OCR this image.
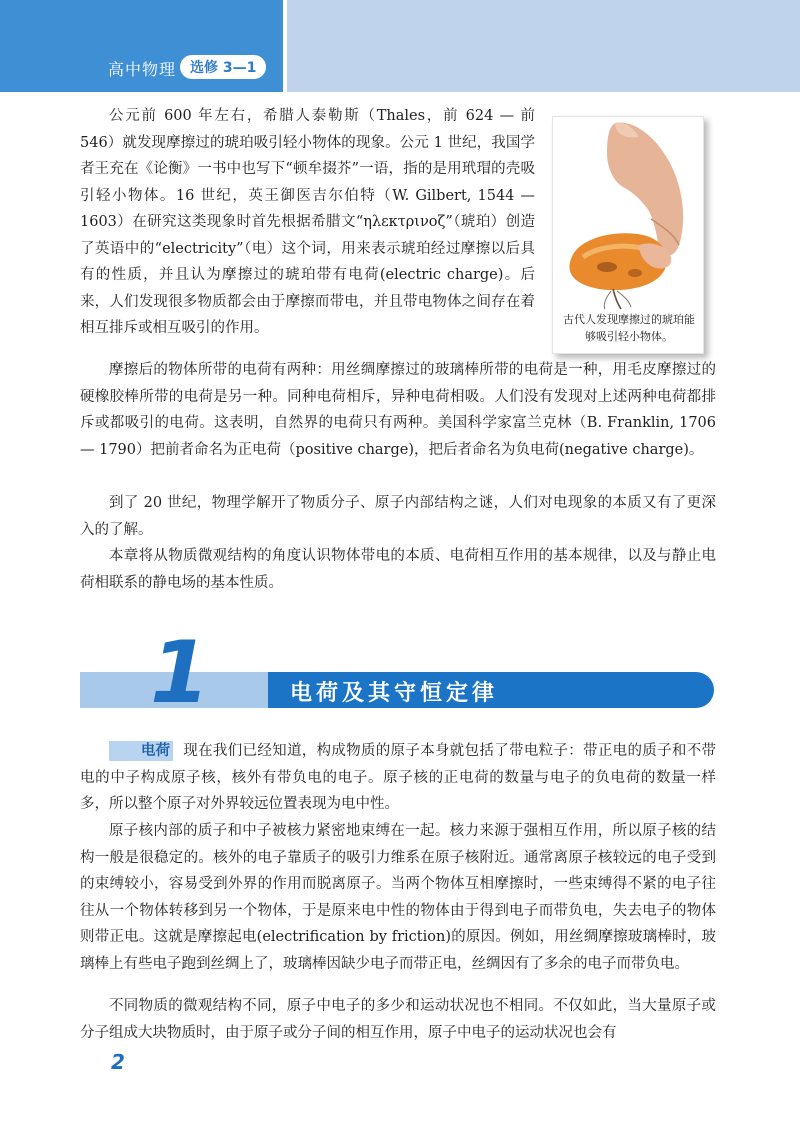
高中物理 选修 3—1

公元前 600 年左右，希腊人泰勒斯（Thales，前 624 — 前 546）就发现摩擦过的琥珀吸引轻小物体的现象。公元 1 世纪，我国学者王充在《论衡》一书中也写下“顿牟掇芥”一语，指的是用玳瑁的壳吸引轻小物体。16 世纪，英王御医吉尔伯特（W. Gilbert, 1544 — 1603）在研究这类现象时首先根据希腊文“ηλεκτρινοζ”（琥珀）创造了英语中的“electricity”（电）这个词，用来表示琥珀经过摩擦以后具有的性质，并且认为摩擦过的琥珀带有电荷(electric charge)。后来，人们发现很多物质都会由于摩擦而带电，并且带电物体之间存在着相互排斥或相互吸引的作用。

古代人发现摩擦过的琥珀能够吸引轻小物体。

摩擦后的物体所带的电荷有两种：用丝绸摩擦过的玻璃棒所带的电荷是一种，用毛皮摩擦过的硬橡胶棒所带的电荷是另一种。同种电荷相斥，异种电荷相吸。人们没有发现对上述两种电荷都排斥或都吸引的电荷。这表明，自然界的电荷只有两种。美国科学家富兰克林（B. Franklin, 1706 — 1790）把前者命名为正电荷（positive charge)，把后者命名为负电荷(negative charge)。

到了 20 世纪，物理学解开了物质分子、原子内部结构之谜，人们对电现象的本质又有了更深入的了解。

本章将从物质微观结构的角度认识物体带电的本质、电荷相互作用的基本规律，以及与静止电荷相联系的静电场的基本性质。

1	电荷及其守恒定律

电荷 现在我们已经知道，构成物质的原子本身就包括了带电粒子：带正电的质子和不带电的中子构成原子核，核外有带负电的电子。原子核的正电荷的数量与电子的负电荷的数量一样多，所以整个原子对外界较远位置表现为电中性。

原子核内部的质子和中子被核力紧密地束缚在一起。核力来源于强相互作用，所以原子核的结构一般是很稳定的。核外的电子靠质子的吸引力维系在原子核附近。通常离原子核较远的电子受到的束缚较小，容易受到外界的作用而脱离原子。当两个物体互相摩擦时，一些束缚得不紧的电子往往从一个物体转移到另一个物体，于是原来电中性的物体由于得到电子而带负电，失去电子的物体则带正电。这就是摩擦起电(electrification by friction)的原因。例如，用丝绸摩擦玻璃棒时，玻璃棒上有些电子跑到丝绸上了，玻璃棒因缺少电子而带正电，丝绸因有了多余的电子而带负电。

不同物质的微观结构不同，原子中电子的多少和运动状况也不相同。不仅如此，当大量原子或分子组成大块物质时，由于原子或分子间的相互作用，原子中电子的运动状况也会有

2
